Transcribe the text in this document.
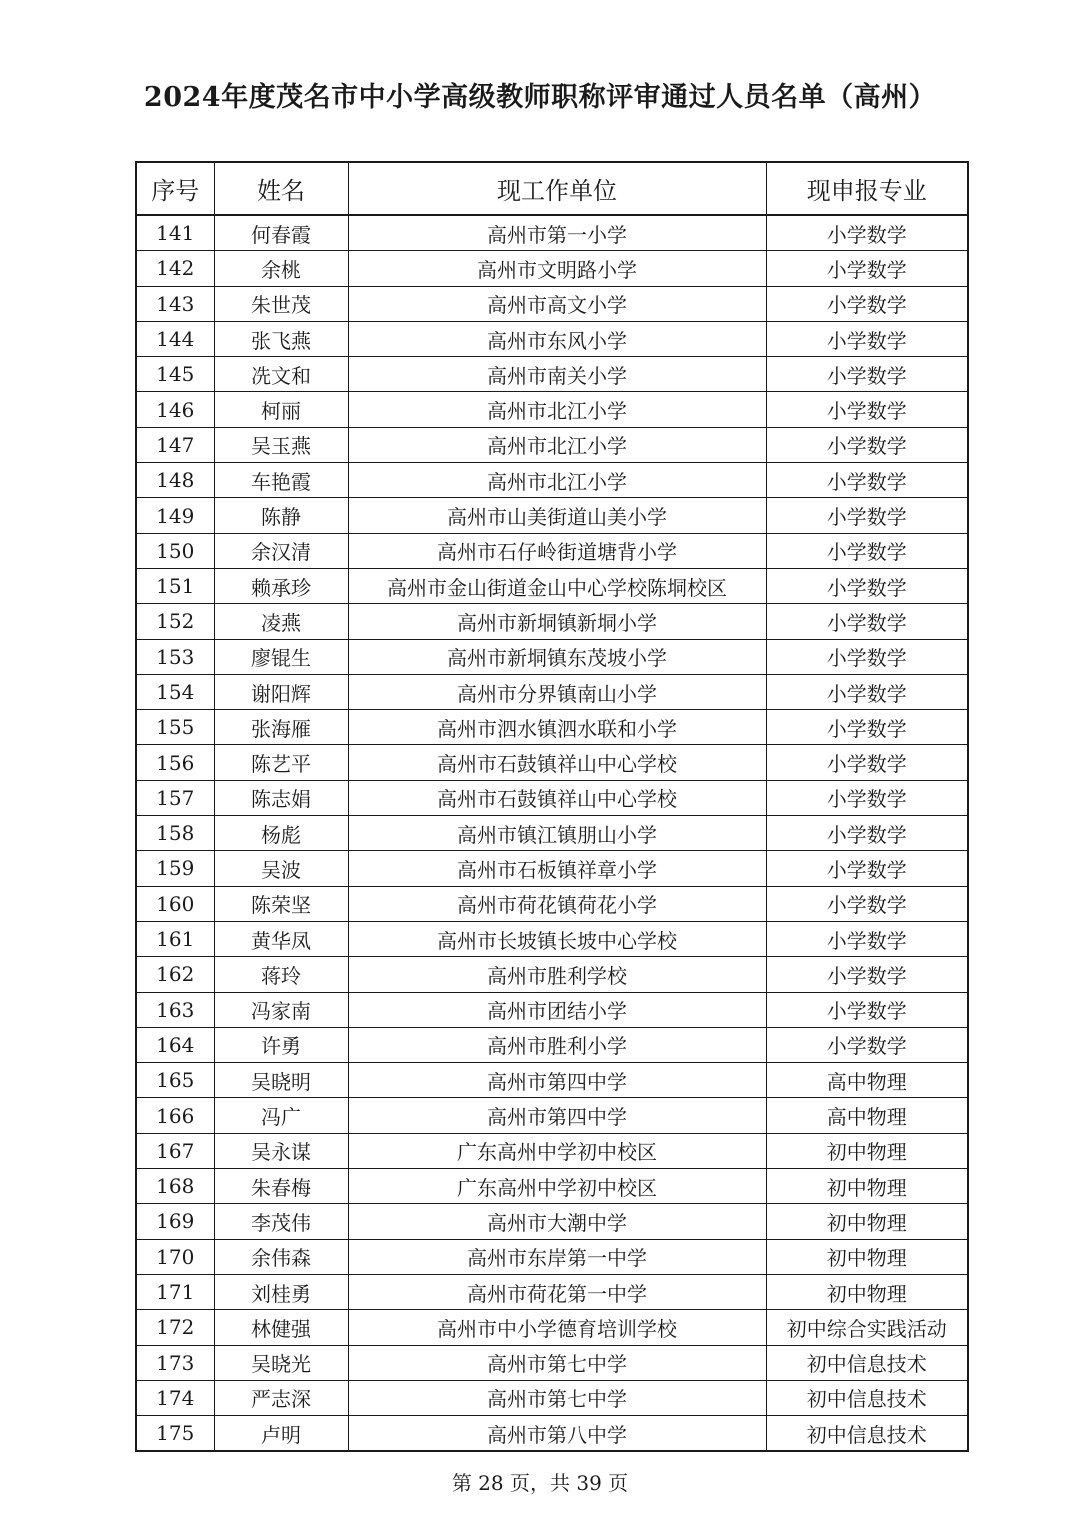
2024年度茂名市中小学高级教师职称评审通过人员名单（高州）
序号	姓名	现工作单位	现申报专业
141	何春霞	高州市第一小学	小学数学
142	余桃	高州市文明路小学	小学数学
143	朱世茂	高州市高文小学	小学数学
144	张飞燕	高州市东风小学	小学数学
145	冼文和	高州市南关小学	小学数学
146	柯丽	高州市北江小学	小学数学
147	吴玉燕	高州市北江小学	小学数学
148	车艳霞	高州市北江小学	小学数学
149	陈静	高州市山美街道山美小学	小学数学
150	余汉清	高州市石仔岭街道塘背小学	小学数学
151	赖承珍	高州市金山街道金山中心学校陈垌校区	小学数学
152	凌燕	高州市新垌镇新垌小学	小学数学
153	廖锟生	高州市新垌镇东茂坡小学	小学数学
154	谢阳辉	高州市分界镇南山小学	小学数学
155	张海雁	高州市泗水镇泗水联和小学	小学数学
156	陈艺平	高州市石鼓镇祥山中心学校	小学数学
157	陈志娟	高州市石鼓镇祥山中心学校	小学数学
158	杨彪	高州市镇江镇朋山小学	小学数学
159	吴波	高州市石板镇祥章小学	小学数学
160	陈荣坚	高州市荷花镇荷花小学	小学数学
161	黄华凤	高州市长坡镇长坡中心学校	小学数学
162	蒋玲	高州市胜利学校	小学数学
163	冯家南	高州市团结小学	小学数学
164	许勇	高州市胜利小学	小学数学
165	吴晓明	高州市第四中学	高中物理
166	冯广	高州市第四中学	高中物理
167	吴永谋	广东高州中学初中校区	初中物理
168	朱春梅	广东高州中学初中校区	初中物理
169	李茂伟	高州市大潮中学	初中物理
170	余伟森	高州市东岸第一中学	初中物理
171	刘桂勇	高州市荷花第一中学	初中物理
172	林健强	高州市中小学德育培训学校	初中综合实践活动
173	吴晓光	高州市第七中学	初中信息技术
174	严志深	高州市第七中学	初中信息技术
175	卢明	高州市第八中学	初中信息技术
第 28 页，共 39 页
